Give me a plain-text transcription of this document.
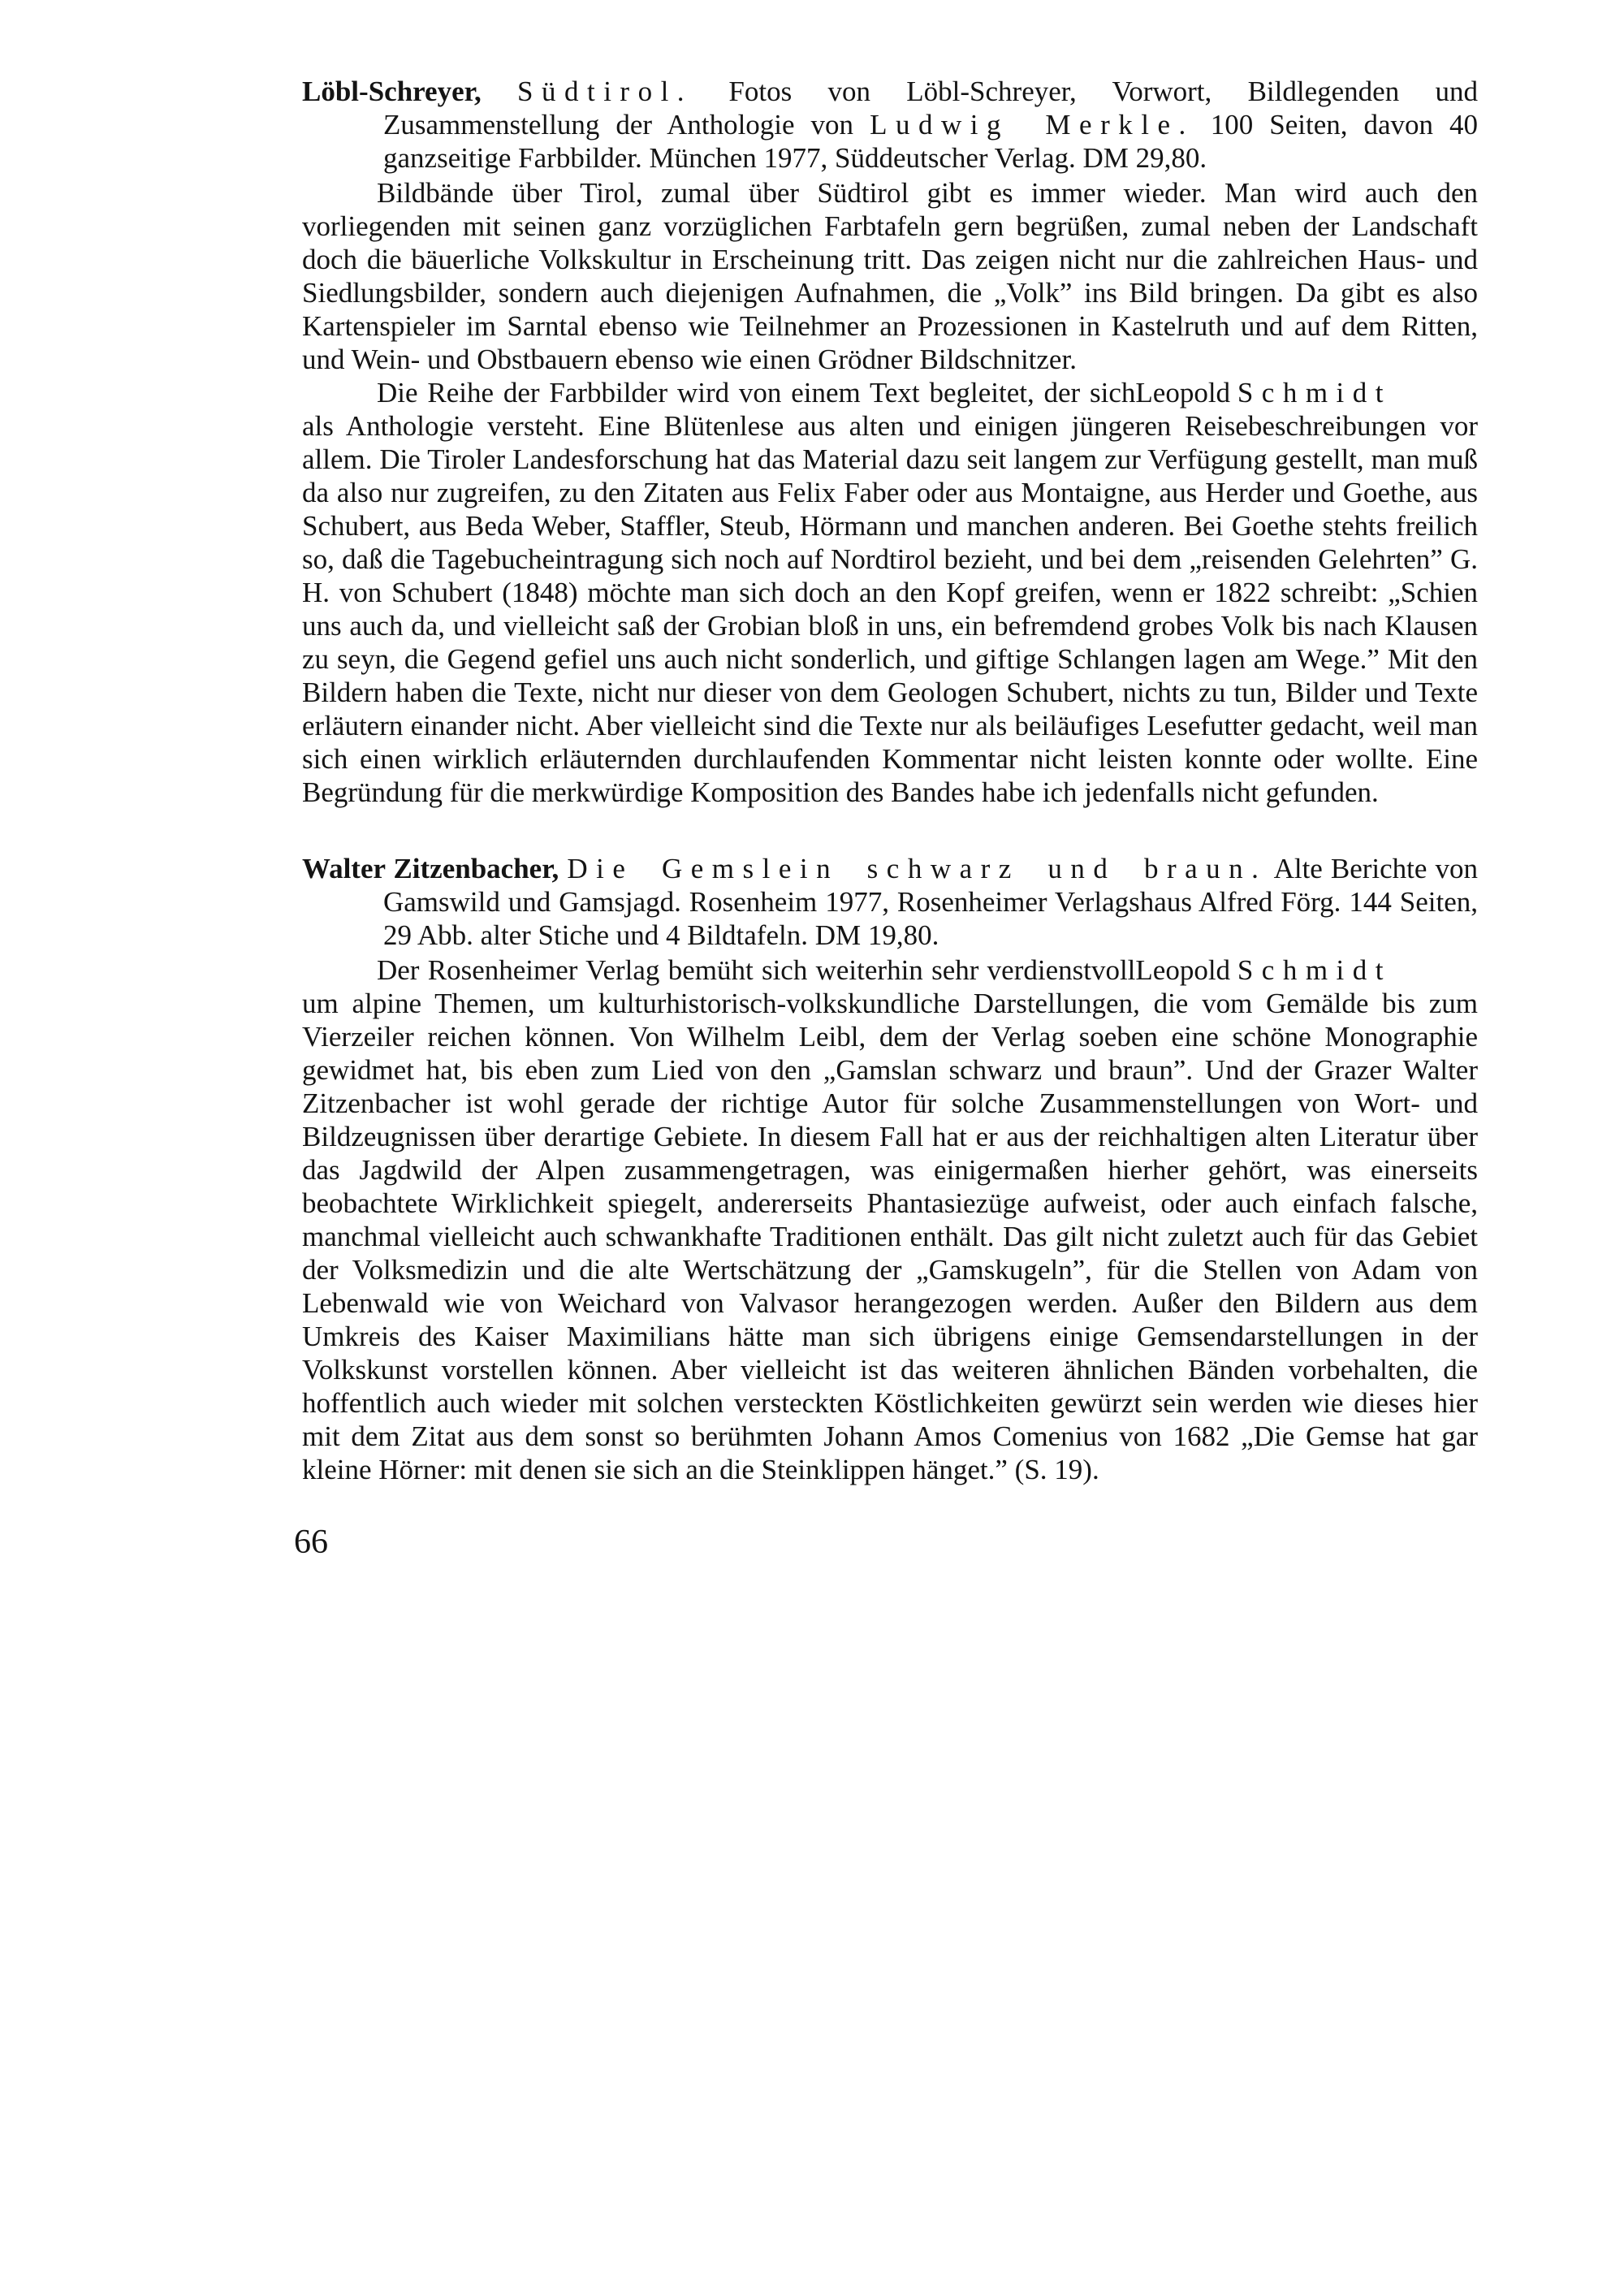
Löbl-Schreyer, Südtirol. Fotos von Löbl-Schreyer, Vorwort, Bildlegenden und Zusammenstellung der Anthologie von Ludwig Merkle. 100 Seiten, davon 40 ganzseitige Farbbilder. München 1977, Süddeutscher Verlag. DM 29,80.

Bildbände über Tirol, zumal über Südtirol gibt es immer wieder. Man wird auch den vorliegenden mit seinen ganz vorzüglichen Farbtafeln gern begrüßen, zumal neben der Landschaft doch die bäuerliche Volkskultur in Erscheinung tritt. Das zeigen nicht nur die zahlreichen Haus- und Siedlungsbilder, sondern auch diejenigen Aufnahmen, die „Volk” ins Bild bringen. Da gibt es also Kartenspieler im Sarntal ebenso wie Teilnehmer an Prozessionen in Kastelruth und auf dem Ritten, und Wein- und Obstbauern ebenso wie einen Grödner Bildschnitzer.

Leopold Schmidt
Die Reihe der Farbbilder wird von einem Text begleitet, der sich als Anthologie versteht. Eine Blütenlese aus alten und einigen jüngeren Reisebeschreibungen vor allem. Die Tiroler Landesforschung hat das Material dazu seit langem zur Verfügung gestellt, man muß da also nur zugreifen, zu den Zitaten aus Felix Faber oder aus Montaigne, aus Herder und Goethe, aus Schubert, aus Beda Weber, Staffler, Steub, Hörmann und manchen anderen. Bei Goethe stehts freilich so, daß die Tagebucheintragung sich noch auf Nordtirol bezieht, und bei dem „reisenden Gelehrten” G. H. von Schubert (1848) möchte man sich doch an den Kopf greifen, wenn er 1822 schreibt: „Schien uns auch da, und vielleicht saß der Grobian bloß in uns, ein befremdend grobes Volk bis nach Klausen zu seyn, die Gegend gefiel uns auch nicht sonderlich, und giftige Schlangen lagen am Wege.” Mit den Bildern haben die Texte, nicht nur dieser von dem Geologen Schubert, nichts zu tun, Bilder und Texte erläutern einander nicht. Aber vielleicht sind die Texte nur als beiläufiges Lesefutter gedacht, weil man sich einen wirklich erläuternden durchlaufenden Kommentar nicht leisten konnte oder wollte. Eine Begründung für die merkwürdige Komposition des Bandes habe ich jedenfalls nicht gefunden.

Walter Zitzenbacher, Die Gemslein schwarz und braun. Alte Berichte von Gamswild und Gamsjagd. Rosenheim 1977, Rosenheimer Verlagshaus Alfred Förg. 144 Seiten, 29 Abb. alter Stiche und 4 Bildtafeln. DM 19,80.

Leopold Schmidt
Der Rosenheimer Verlag bemüht sich weiterhin sehr verdienstvoll um alpine Themen, um kulturhistorisch-volkskundliche Darstellungen, die vom Gemälde bis zum Vierzeiler reichen können. Von Wilhelm Leibl, dem der Verlag soeben eine schöne Monographie gewidmet hat, bis eben zum Lied von den „Gamslan schwarz und braun”. Und der Grazer Walter Zitzenbacher ist wohl gerade der richtige Autor für solche Zusammenstellungen von Wort- und Bildzeugnissen über derartige Gebiete. In diesem Fall hat er aus der reichhaltigen alten Literatur über das Jagdwild der Alpen zusammengetragen, was einigermaßen hierher gehört, was einerseits beobachtete Wirklichkeit spiegelt, andererseits Phantasiezüge aufweist, oder auch einfach falsche, manchmal vielleicht auch schwankhafte Traditionen enthält. Das gilt nicht zuletzt auch für das Gebiet der Volksmedizin und die alte Wertschätzung der „Gamskugeln”, für die Stellen von Adam von Lebenwald wie von Weichard von Valvasor herangezogen werden. Außer den Bildern aus dem Umkreis des Kaiser Maximilians hätte man sich übrigens einige Gemsendarstellungen in der Volkskunst vorstellen können. Aber vielleicht ist das weiteren ähnlichen Bänden vorbehalten, die hoffentlich auch wieder mit solchen versteckten Köstlichkeiten gewürzt sein werden wie dieses hier mit dem Zitat aus dem sonst so berühmten Johann Amos Comenius von 1682 „Die Gemse hat gar kleine Hörner: mit denen sie sich an die Steinklippen hänget.” (S. 19).

66
